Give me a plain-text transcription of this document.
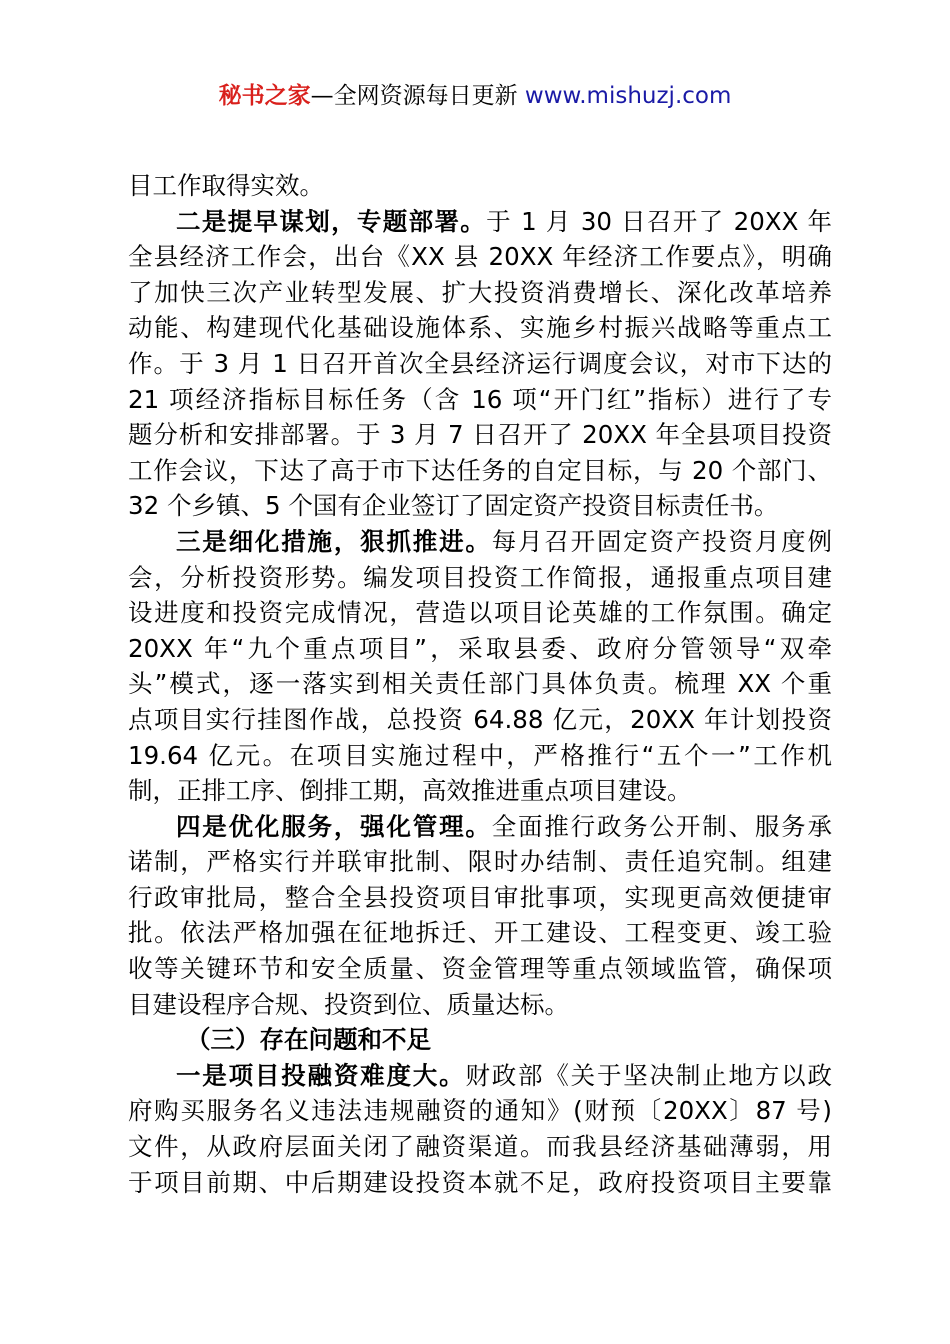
秘书之家—全网资源每日更新 www.mishuzj.com
目工作取得实效。
二是提早谋划，专题部署。于 1 月 30 日召开了 20XX 年
全县经济工作会，出台《XX 县 20XX 年经济工作要点》，明确
了加快三次产业转型发展、扩大投资消费增长、深化改革培养
动能、构建现代化基础设施体系、实施乡村振兴战略等重点工
作。于 3 月 1 日召开首次全县经济运行调度会议，对市下达的
21 项经济指标目标任务（含 16 项“开门红”指标）进行了专
题分析和安排部署。于 3 月 7 日召开了 20XX 年全县项目投资
工作会议，下达了高于市下达任务的自定目标，与 20 个部门、
32 个乡镇、5 个国有企业签订了固定资产投资目标责任书。
三是细化措施，狠抓推进。每月召开固定资产投资月度例
会，分析投资形势。编发项目投资工作简报，通报重点项目建
设进度和投资完成情况，营造以项目论英雄的工作氛围。确定
20XX 年“九个重点项目”，采取县委、政府分管领导“双牵
头”模式，逐一落实到相关责任部门具体负责。梳理 XX 个重
点项目实行挂图作战，总投资 64.88 亿元，20XX 年计划投资
19.64 亿元。在项目实施过程中，严格推行“五个一”工作机
制，正排工序、倒排工期，高效推进重点项目建设。
四是优化服务，强化管理。全面推行政务公开制、服务承
诺制，严格实行并联审批制、限时办结制、责任追究制。组建
行政审批局，整合全县投资项目审批事项，实现更高效便捷审
批。依法严格加强在征地拆迁、开工建设、工程变更、竣工验
收等关键环节和安全质量、资金管理等重点领域监管，确保项
目建设程序合规、投资到位、质量达标。
（三）存在问题和不足
一是项目投融资难度大。财政部《关于坚决制止地方以政
府购买服务名义违法违规融资的通知》(财预〔20XX〕87 号)
文件，从政府层面关闭了融资渠道。而我县经济基础薄弱，用
于项目前期、中后期建设投资本就不足，政府投资项目主要靠
